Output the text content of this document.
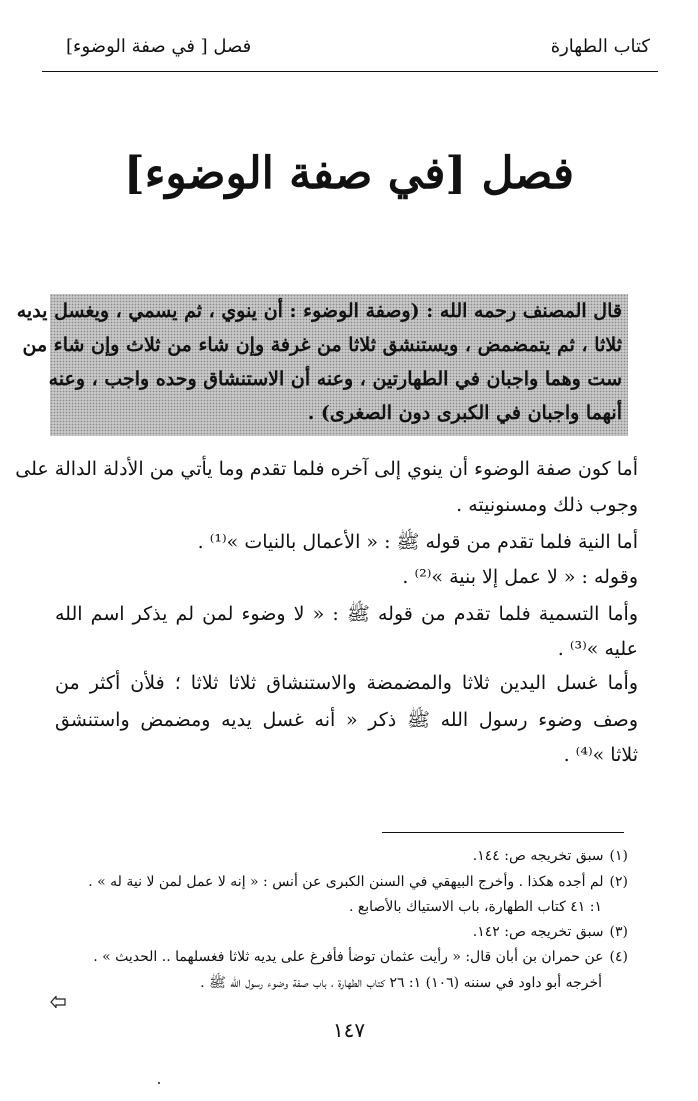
كتاب الطهارة
فصل [ في صفة الوضوء]
فصل [في صفة الوضوء]
قال المصنف رحمه الله : (وصفة الوضوء : أن ينوي ، ثم يسمي ، ويغسل يديه
ثلاثا ، ثم يتمضمض ، ويستنشق ثلاثا من غرفة وإن شاء من ثلاث وإن شاء من
ست وهما واجبان في الطهارتين ، وعنه أن الاستنشاق وحده واجب ، وعنه
أنهما واجبان في الكبرى دون الصغرى) .
أما كون صفة الوضوء أن ينوي إلى آخره فلما تقدم وما يأتي من الأدلة الدالة على
وجوب ذلك ومسنونيته .
أما النية فلما تقدم من قوله ﷺ : « الأعمال بالنيات »⁽¹⁾ .
وقوله : « لا عمل إلا بنية »⁽²⁾ .
وأما التسمية فلما تقدم من قوله ﷺ : « لا وضوء لمن لم يذكر اسم الله
عليه »⁽³⁾ .
وأما غسل اليدين ثلاثا والمضمضة والاستنشاق ثلاثا ثلاثا ؛ فلأن أكثر من
وصف وضوء رسول الله ﷺ ذكر « أنه غسل يديه ومضمض واستنشق
ثلاثا »⁽⁴⁾ .
(١)سبق تخريجه ص: ١٤٤.
(٢)لم أجده هكذا . وأخرج البيهقي في السنن الكبرى عن أنس : « إنه لا عمل لمن لا نية له » .
١: ٤١ كتاب الطهارة، باب الاستياك بالأصابع .
(٣)سبق تخريجه ص: ١٤٢.
(٤)عن حمران بن أبان قال: « رأيت عثمان توضأ فأفرغ على يديه ثلاثا فغسلهما .. الحديث » .
أخرجه أبو داود في سننه (١٠٦) ١: ٢٦ كتاب الطهارة ، باب صفة وضوء رسول الله ﷺ .
١٤٧
